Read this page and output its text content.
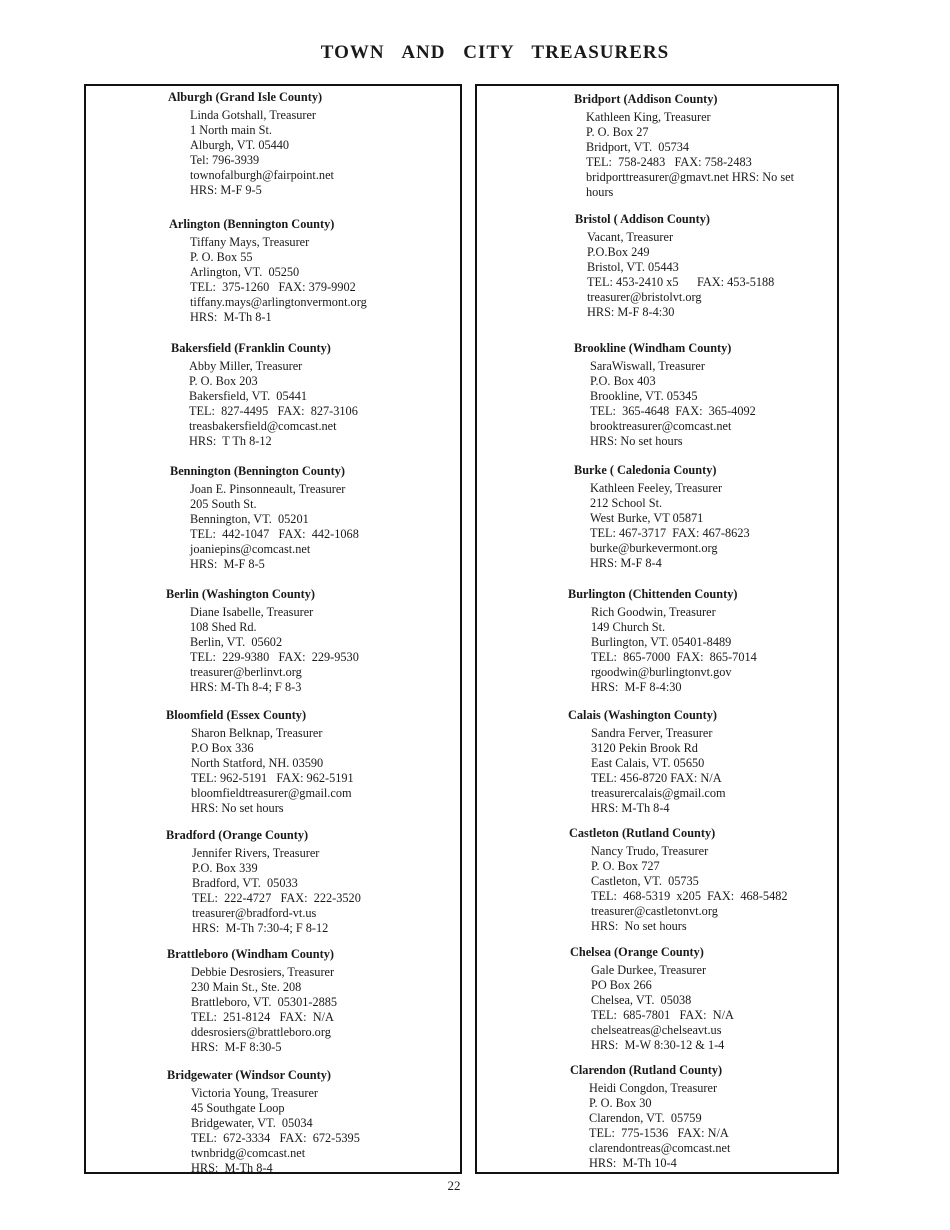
TOWN AND CITY TREASURERS
Alburgh (Grand Isle County)
Linda Gotshall, Treasurer
1 North main St.
Alburgh, VT. 05440
Tel: 796-3939
townofalburgh@fairpoint.net
HRS: M-F 9-5
Arlington (Bennington County)
Tiffany Mays, Treasurer
P. O. Box 55
Arlington, VT.  05250
TEL:  375-1260   FAX: 379-9902
tiffany.mays@arlingtonvermont.org
HRS:  M-Th 8-1
Bakersfield (Franklin County)
Abby Miller, Treasurer
P. O. Box 203
Bakersfield, VT.  05441
TEL:  827-4495   FAX:  827-3106
treasbakersfield@comcast.net
HRS:  T Th 8-12
Bennington (Bennington County)
Joan E. Pinsonneault, Treasurer
205 South St.
Bennington, VT.  05201
TEL:  442-1047   FAX:  442-1068
joaniepins@comcast.net
HRS:  M-F 8-5
Berlin (Washington County)
Diane Isabelle, Treasurer
108 Shed Rd.
Berlin, VT.  05602
TEL:  229-9380   FAX:  229-9530
treasurer@berlinvt.org
HRS: M-Th 8-4; F 8-3
Bloomfield (Essex County)
Sharon Belknap, Treasurer
P.O Box 336
North Statford, NH. 03590
TEL: 962-5191   FAX: 962-5191
bloomfieldtreasurer@gmail.com
HRS: No set hours
Bradford (Orange County)
Jennifer Rivers, Treasurer
P.O. Box 339
Bradford, VT.  05033
TEL:  222-4727   FAX:  222-3520
treasurer@bradford-vt.us
HRS:  M-Th 7:30-4; F 8-12
Brattleboro (Windham County)
Debbie Desrosiers, Treasurer
230 Main St., Ste. 208
Brattleboro, VT.  05301-2885
TEL:  251-8124   FAX:  N/A
ddesrosiers@brattleboro.org
HRS:  M-F 8:30-5
Bridgewater (Windsor County)
Victoria Young, Treasurer
45 Southgate Loop
Bridgewater, VT.  05034
TEL:  672-3334   FAX:  672-5395
twnbridg@comcast.net
HRS:  M-Th 8-4
Bridport (Addison County)
Kathleen King, Treasurer
P. O. Box 27
Bridport, VT.  05734
TEL:  758-2483   FAX: 758-2483
bridporttreasurer@gmavt.net HRS: No set hours
Bristol ( Addison County)
Vacant, Treasurer
P.O.Box 249
Bristol, VT. 05443
TEL: 453-2410 x5      FAX: 453-5188
treasurer@bristolvt.org
HRS: M-F 8-4:30
Brookline (Windham County)
SaraWiswall, Treasurer
P.O. Box 403
Brookline, VT. 05345
TEL:  365-4648  FAX:  365-4092
brooktreasurer@comcast.net
HRS: No set hours
Burke ( Caledonia County)
Kathleen Feeley, Treasurer
212 School St.
West Burke, VT 05871
TEL: 467-3717  FAX: 467-8623
burke@burkevermont.org
HRS: M-F 8-4
Burlington (Chittenden County)
Rich Goodwin, Treasurer
149 Church St.
Burlington, VT. 05401-8489
TEL:  865-7000  FAX:  865-7014
rgoodwin@burlingtonvt.gov
HRS:  M-F 8-4:30
Calais (Washington County)
Sandra Ferver, Treasurer
3120 Pekin Brook Rd
East Calais, VT. 05650
TEL: 456-8720 FAX: N/A
treasurercalais@gmail.com
HRS: M-Th 8-4
Castleton (Rutland County)
Nancy Trudo, Treasurer
P. O. Box 727
Castleton, VT.  05735
TEL:  468-5319  x205  FAX:  468-5482
treasurer@castletonvt.org
HRS:  No set hours
Chelsea (Orange County)
Gale Durkee, Treasurer
PO Box 266
Chelsea, VT.  05038
TEL:  685-7801   FAX:  N/A
chelseatreas@chelseavt.us
HRS:  M-W 8:30-12 & 1-4
Clarendon (Rutland County)
Heidi Congdon, Treasurer
P. O. Box 30
Clarendon, VT.  05759
TEL:  775-1536   FAX: N/A
clarendontreas@comcast.net
HRS:  M-Th 10-4
22
